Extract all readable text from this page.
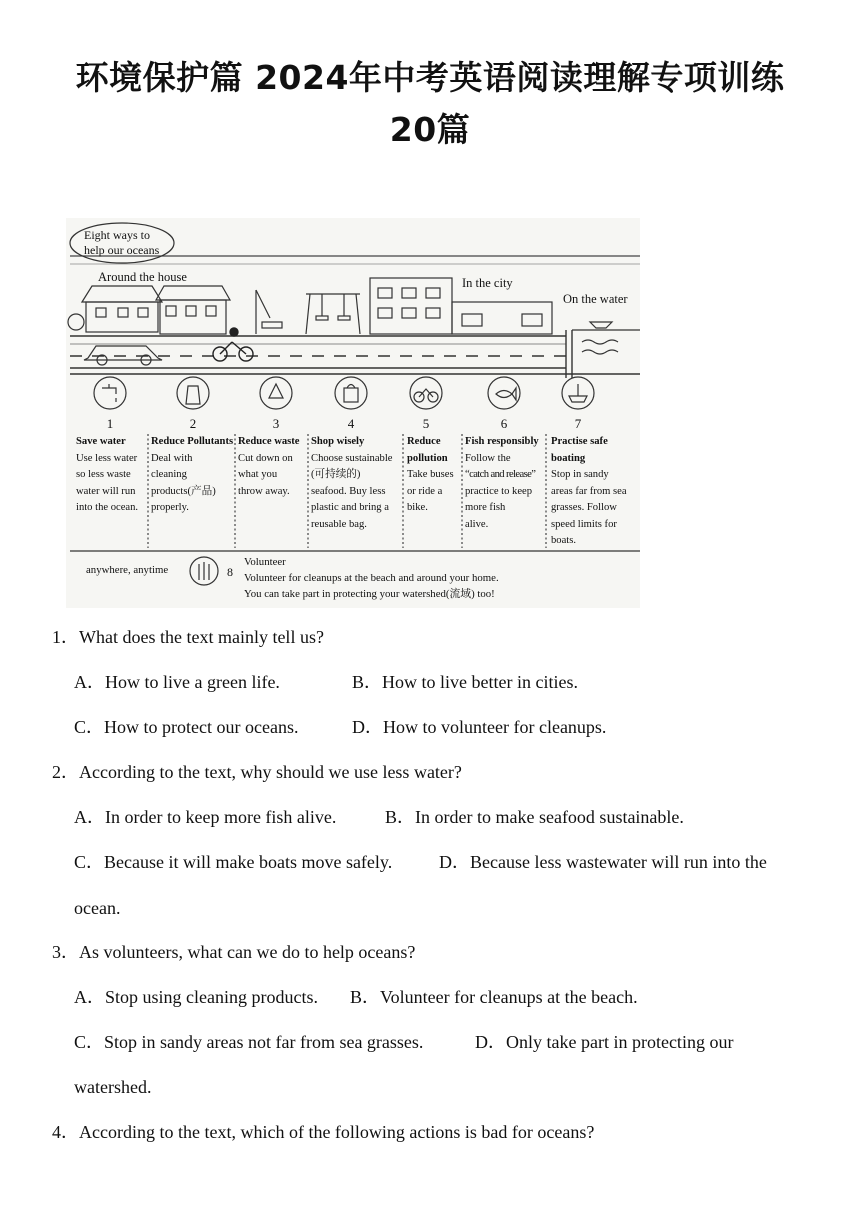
环境保护篇 2024年中考英语阅读理解专项训练
20篇
Eight ways to
help our oceans
Around the house	In the city
On the water
1	2	3	4	5	6	7
Save water
Use less water
so less waste
water will run
into the ocean.
Reduce Pollutants
Deal with
cleaning
products(产品)
properly.
Reduce waste
Cut down on
what you
throw away.
Shop wisely
Choose sustainable
(可持续的)
seafood. Buy less
plastic and bring a
reusable bag.
Reduce
pollution
Take buses
or ride a
bike.
Fish responsibly
Follow the
“catch and release”
practice to keep
more fish
alive.
Practise safe
boating
Stop in sandy
areas far from sea
grasses. Follow
speed limits for
boats.
anywhere, anytime	8
Volunteer
Volunteer for cleanups at the beach and around your home.
You can take part in protecting your watershed(流域) too!
1．What does the text mainly tell us?
A．How to live a green life.	B．How to live better in cities.
C．How to protect our oceans.	D．How to volunteer for cleanups.
2．According to the text, why should we use less water?
A．In order to keep more fish alive.	B．In order to make seafood sustainable.
C．Because it will make boats move safely.	D．Because less wastewater will run into the
ocean.
3．As volunteers, what can we do to help oceans?
A．Stop using cleaning products. B．Volunteer for cleanups at the beach.
C．Stop in sandy areas not far from sea grasses.	D．Only take part in protecting our
watershed.
4．According to the text, which of the following actions is bad for oceans?
